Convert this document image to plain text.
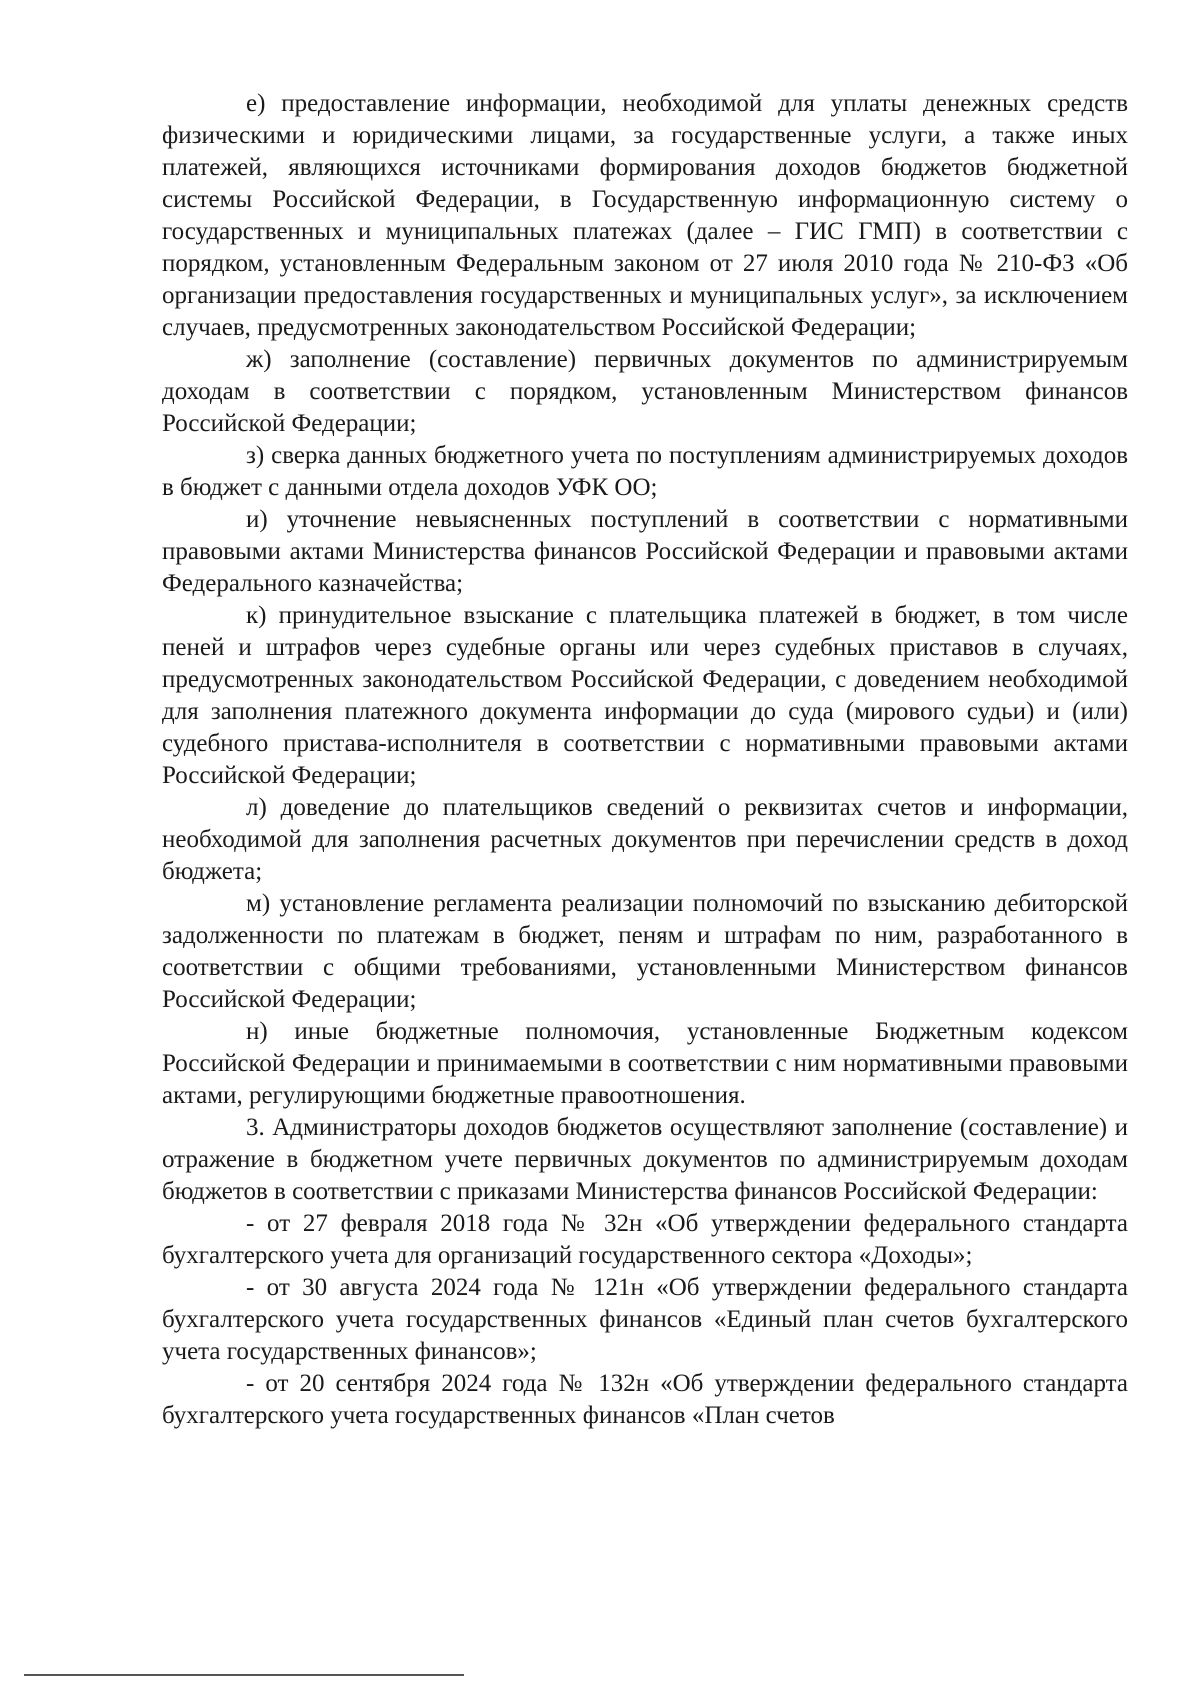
е) предоставление информации, необходимой для уплаты денежных средств физическими и юридическими лицами, за государственные услуги, а также иных платежей, являющихся источниками формирования доходов бюджетов бюджетной системы Российской Федерации, в Государственную информационную систему о государственных и муниципальных платежах (далее – ГИС ГМП) в соответствии с порядком, установленным Федеральным законом от 27 июля 2010 года № 210-ФЗ «Об организации предоставления государственных и муниципальных услуг», за исключением случаев, предусмотренных законодательством Российской Федерации;

ж) заполнение (составление) первичных документов по администрируемым доходам в соответствии с порядком, установленным Министерством финансов Российской Федерации;

з) сверка данных бюджетного учета по поступлениям администрируемых доходов в бюджет с данными отдела доходов УФК ОО;

и) уточнение невыясненных поступлений в соответствии с нормативными правовыми актами Министерства финансов Российской Федерации и правовыми актами Федерального казначейства;

к) принудительное взыскание с плательщика платежей в бюджет, в том числе пеней и штрафов через судебные органы или через судебных приставов в случаях, предусмотренных законодательством Российской Федерации, с доведением необходимой для заполнения платежного документа информации до суда (мирового судьи) и (или) судебного пристава-исполнителя в соответствии с нормативными правовыми актами Российской Федерации;

л) доведение до плательщиков сведений о реквизитах счетов и информации, необходимой для заполнения расчетных документов при перечислении средств в доход бюджета;

м) установление регламента реализации полномочий по взысканию дебиторской задолженности по платежам в бюджет, пеням и штрафам по ним, разработанного в соответствии с общими требованиями, установленными Министерством финансов Российской Федерации;

н) иные бюджетные полномочия, установленные Бюджетным кодексом Российской Федерации и принимаемыми в соответствии с ним нормативными правовыми актами, регулирующими бюджетные правоотношения.

3. Администраторы доходов бюджетов осуществляют заполнение (составление) и отражение в бюджетном учете первичных документов по администрируемым доходам бюджетов в соответствии с приказами Министерства финансов Российской Федерации:

- от 27 февраля 2018 года № 32н «Об утверждении федерального стандарта бухгалтерского учета для организаций государственного сектора «Доходы»;

- от 30 августа 2024 года № 121н «Об утверждении федерального стандарта бухгалтерского учета государственных финансов «Единый план счетов бухгалтерского учета государственных финансов»;

- от 20 сентября 2024 года № 132н «Об утверждении федерального стандарта бухгалтерского учета государственных финансов «План счетов
